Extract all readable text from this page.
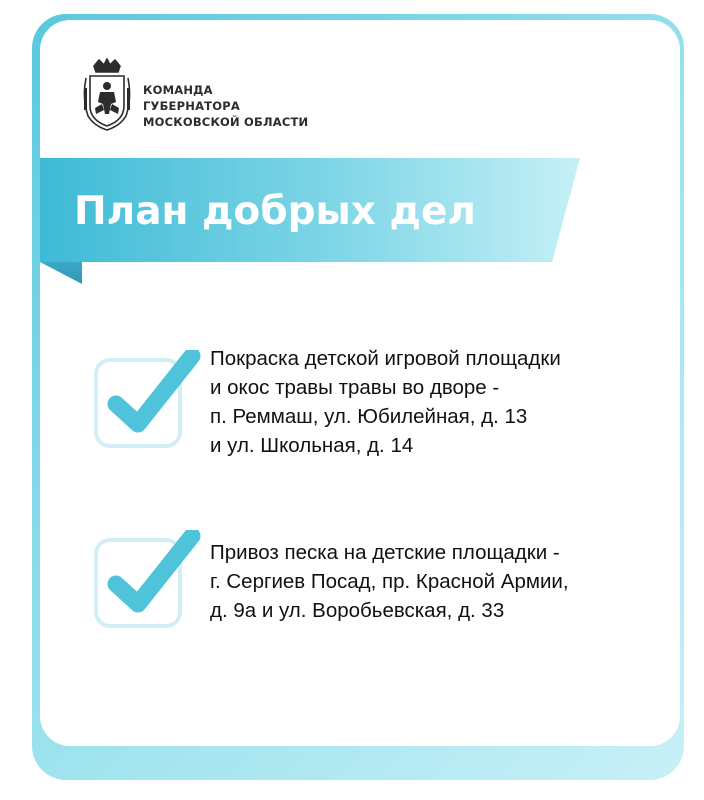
КОМАНДА
ГУБЕРНАТОРА
МОСКОВСКОЙ ОБЛАСТИ
План добрых дел
Покраска детской игровой площадки
и окос травы травы во дворе -
п. Реммаш, ул. Юбилейная, д. 13
и ул. Школьная, д. 14
Привоз песка на детские площадки -
г. Сергиев Посад, пр. Красной Армии,
д. 9а и ул. Воробьевская, д. 33
